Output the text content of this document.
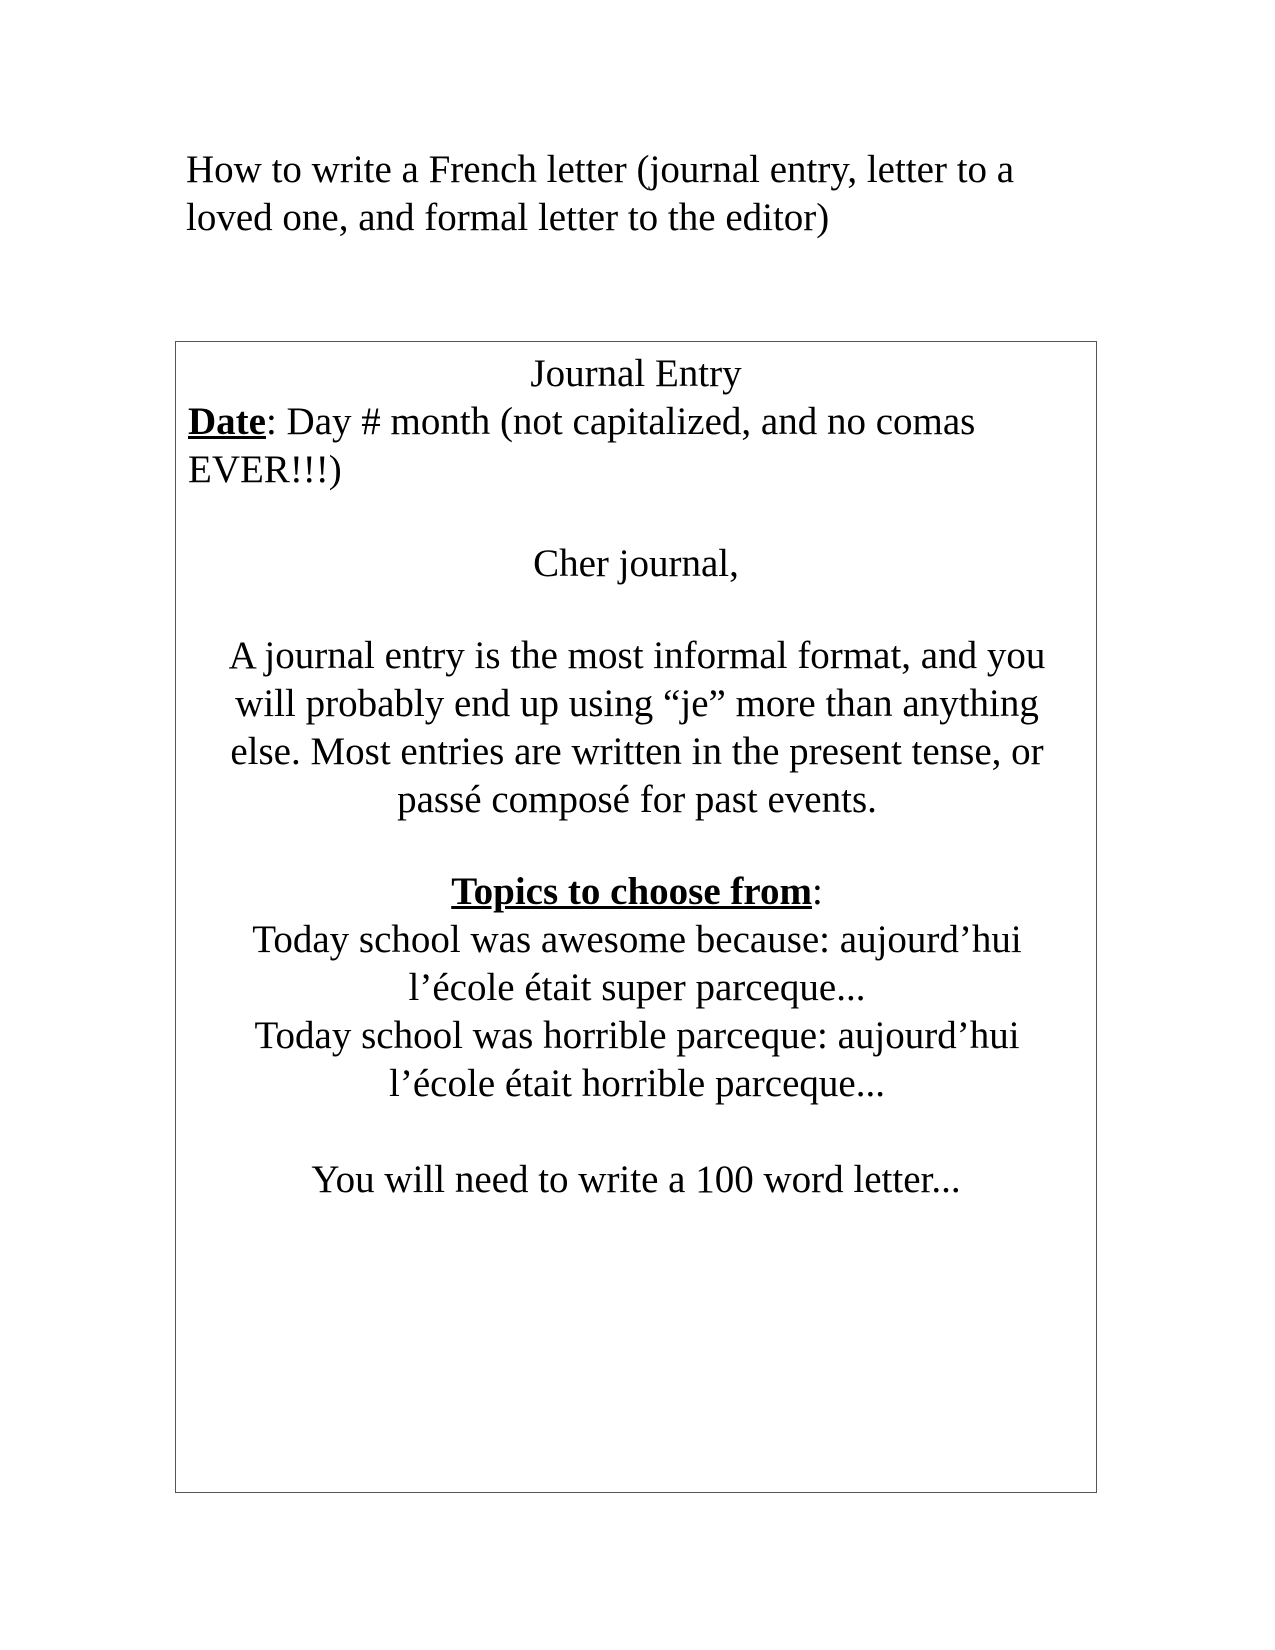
How to write a French letter (journal entry, letter to a

loved one, and formal letter to the editor)

Journal Entry

Date: Day # month (not capitalized, and no comas

EVER!!!)

Cher journal,

A journal entry is the most informal format, and you

will probably end up using “je” more than anything

else. Most entries are written in the present tense, or

passé composé for past events.

Topics to choose from:

Today school was awesome because: aujourd’hui

l’école était super parceque...

Today school was horrible parceque: aujourd’hui

l’école était horrible parceque...

You will need to write a 100 word letter...
